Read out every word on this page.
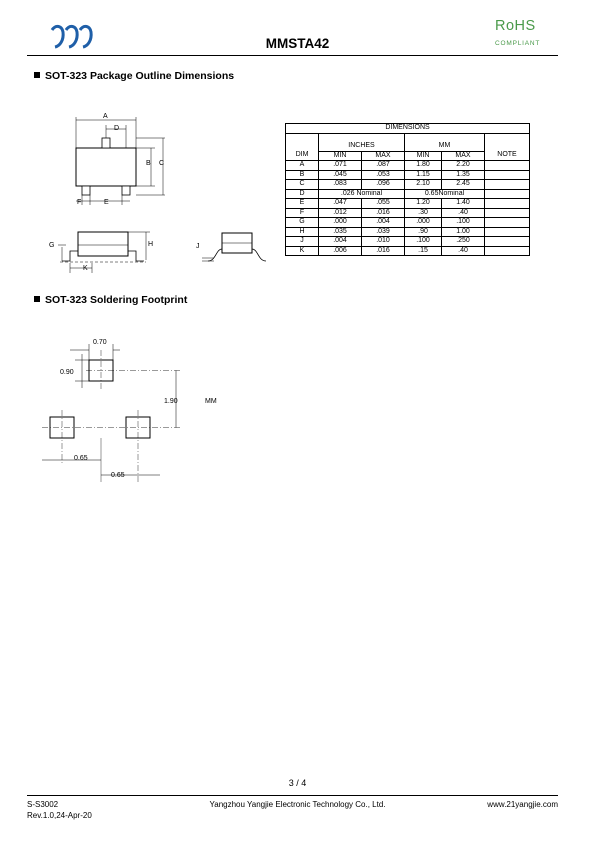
MMSTA42
RoHS
COMPLIANT
SOT-323 Package Outline Dimensions
A
D
B C
F	E
G	H
K
J
DIMENSIONS					

	INCHES		MM		
DIM	MIN	MAX	MIN	MAX	NOTE
A	.071	.087	1.80	2.20	
B	.045	.053	1.15	1.35	
C	.083	.096	2.10	2.45	
D	.026 Nominal		0.65Nominal		
E	.047	.055	1.20	1.40	
F	.012	.016	.30	.40	
G	.000	.004	.000	.100	
H	.035	.039	.90	1.00	
J	.004	.010	.100	.250	
K	.006	.016	.15	.40	
SOT-323 Soldering Footprint
0.70
0.90
1.90	MM
0.65
0.65
3 / 4
S-S3002
Rev.1.0,24-Apr-20
Yangzhou Yangjie Electronic Technology Co., Ltd.	www.21yangjie.com
